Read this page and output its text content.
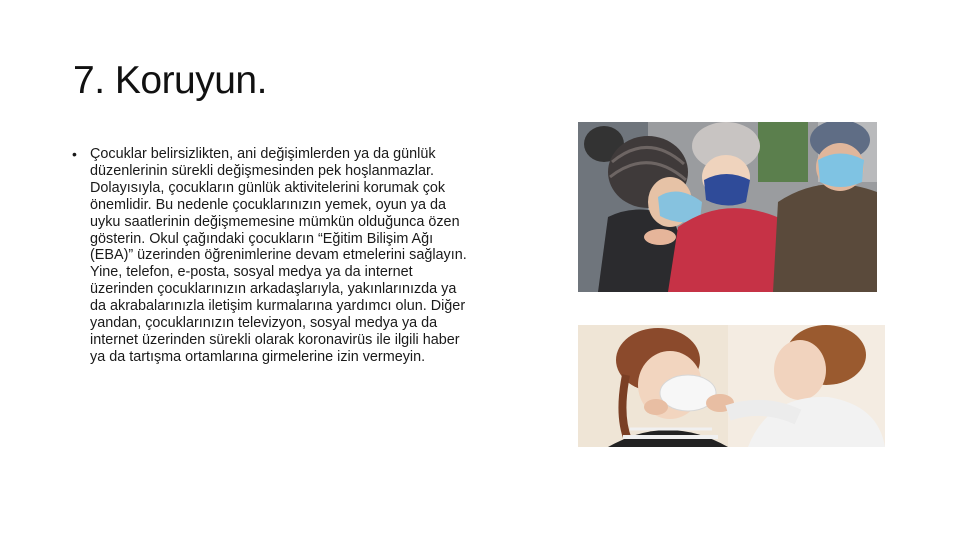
7. Koruyun.
• Çocuklar belirsizlikten, ani değişimlerden ya da günlük düzenlerinin sürekli değişmesinden pek hoşlanmazlar. Dolayısıyla, çocukların günlük aktivitelerini korumak çok önemlidir. Bu nedenle çocuklarınızın yemek, oyun ya da uyku saatlerinin değişmemesine mümkün olduğunca özen gösterin. Okul çağındaki çocukların “Eğitim Bilişim Ağı (EBA)” üzerinden öğrenimlerine devam etmelerini sağlayın. Yine, telefon, e-posta, sosyal medya ya da internet üzerinden çocuklarınızın arkadaşlarıyla, yakınlarınızda ya da akrabalarınızla iletişim kurmalarına yardımcı olun. Diğer yandan, çocuklarınızın televizyon, sosyal medya ya da internet üzerinden sürekli olarak koronavirüs ile ilgili haber ya da tartışma ortamlarına girmelerine izin vermeyin.
